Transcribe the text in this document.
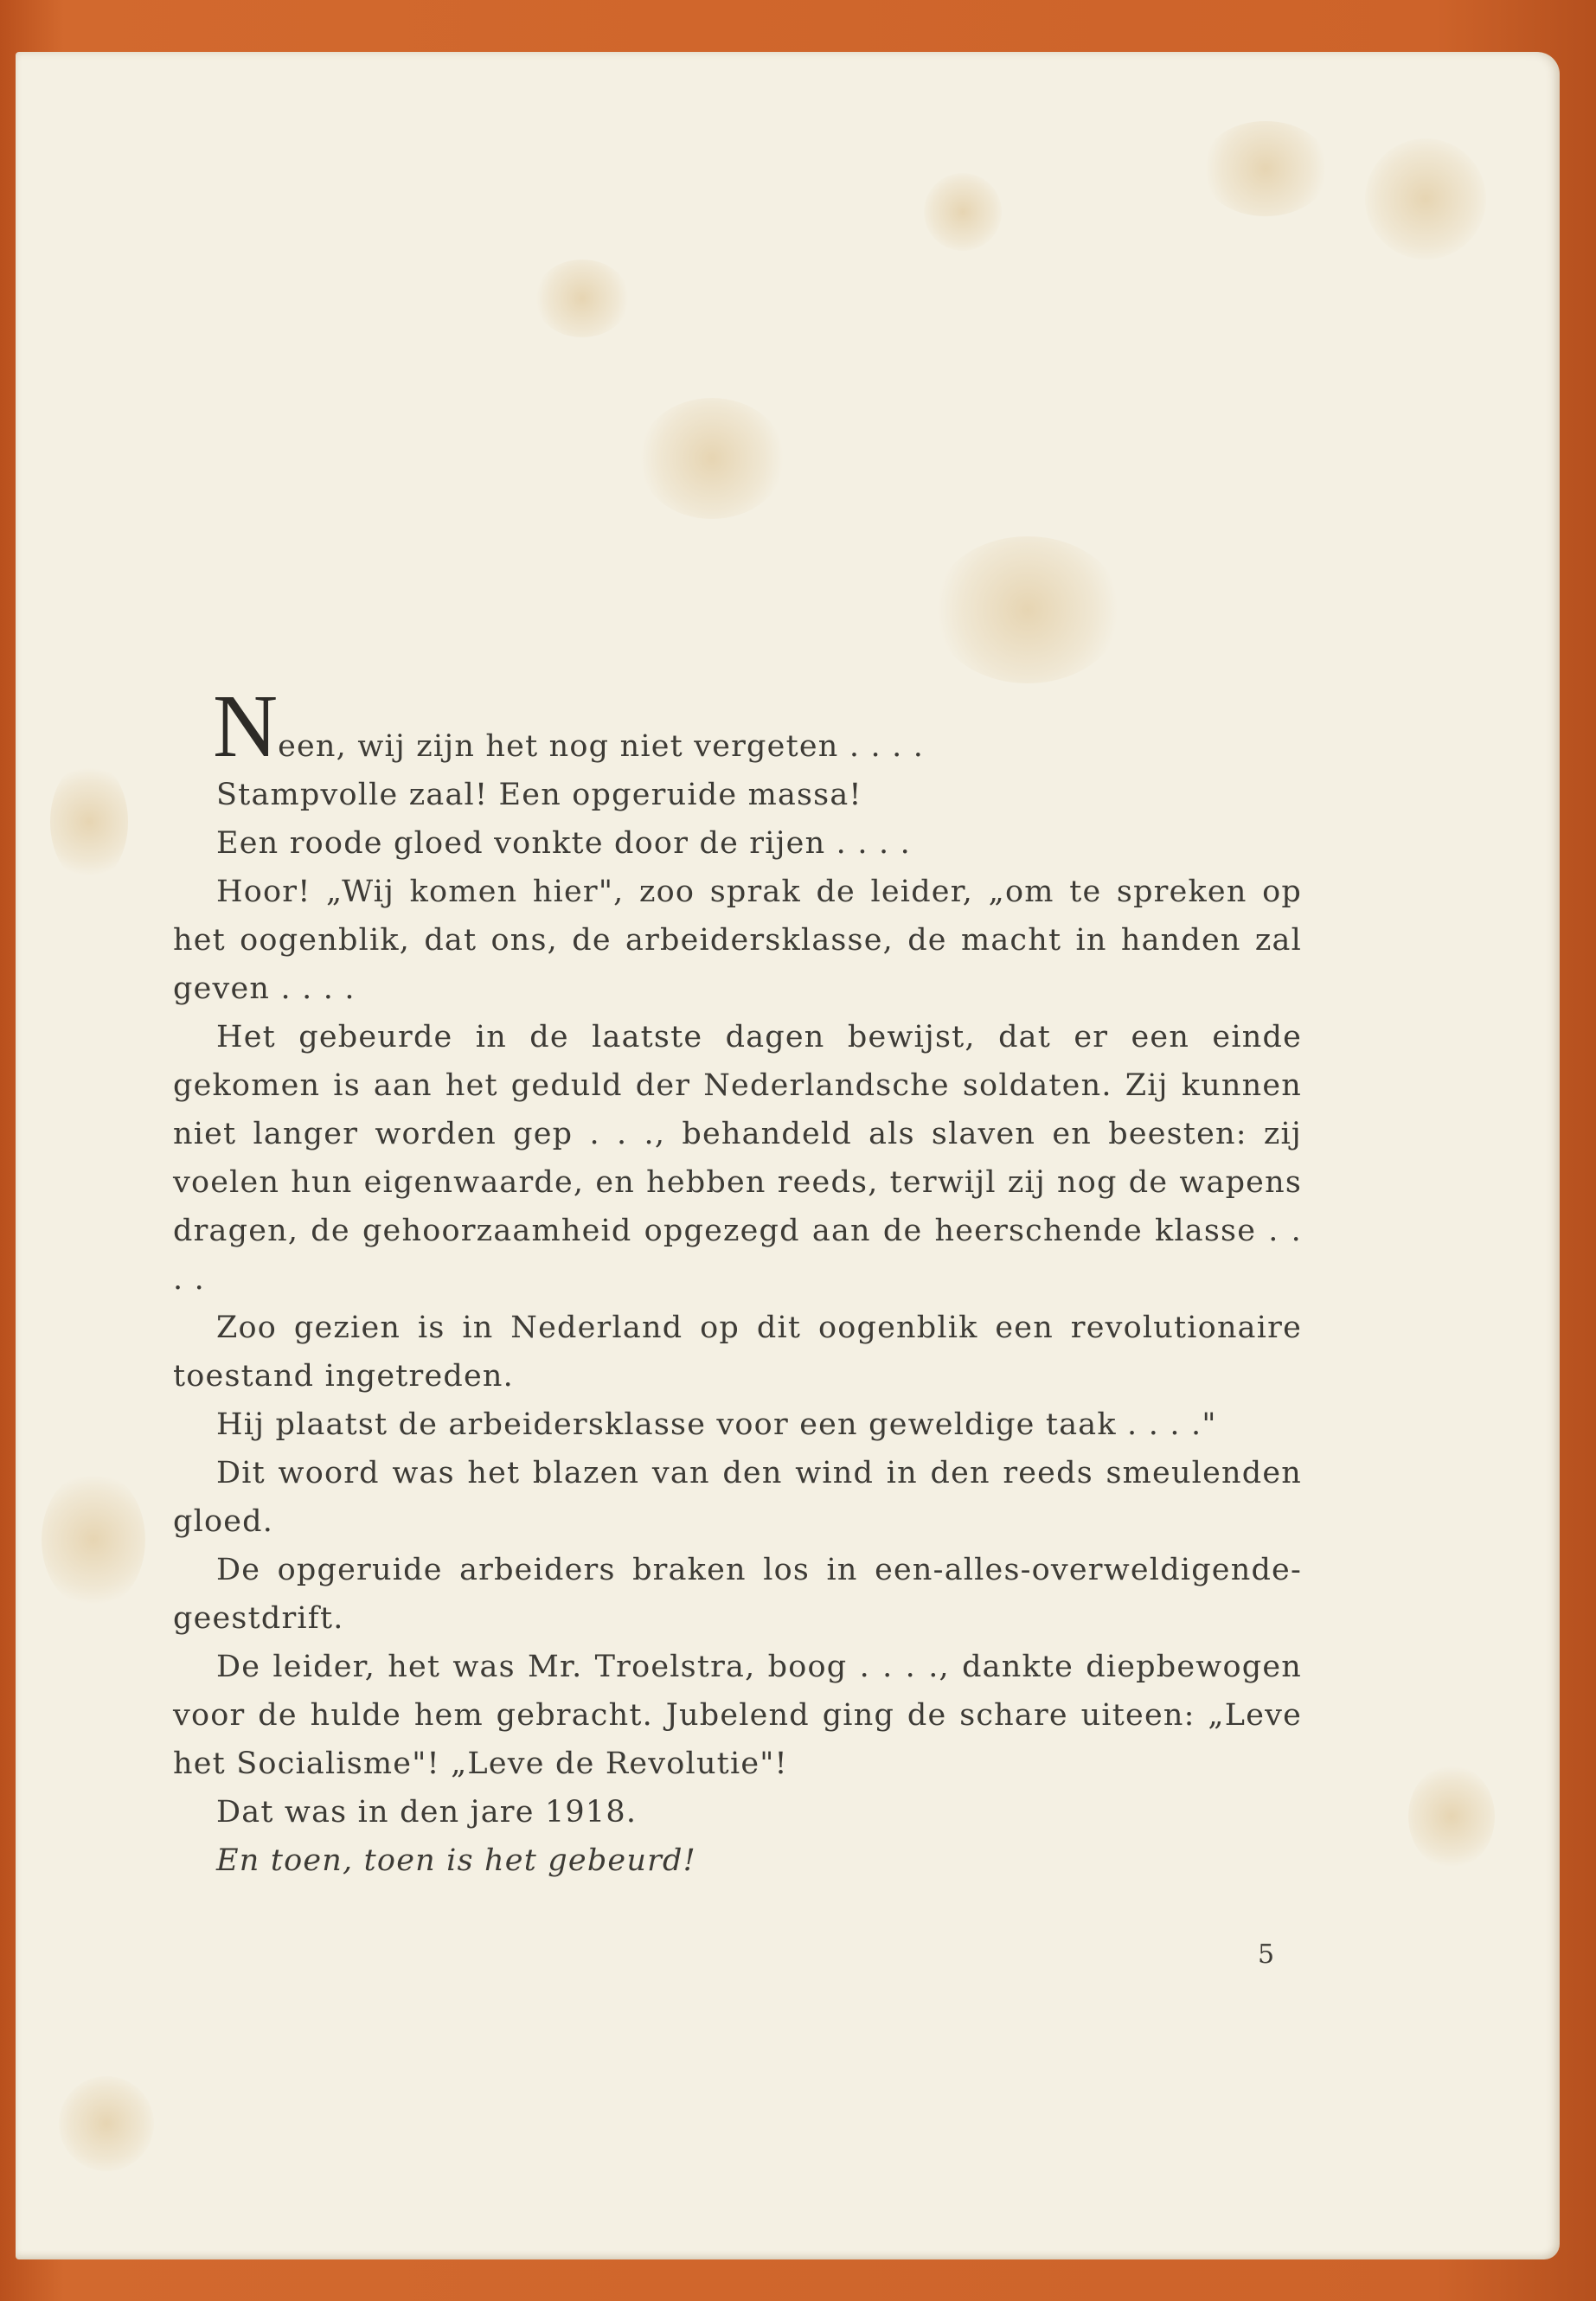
Neen, wij zijn het nog niet vergeten . . . .

Stampvolle zaal! Een opgeruide massa!

Een roode gloed vonkte door de rijen . . . .

Hoor! „Wij komen hier", zoo sprak de leider, „om te spreken op het oogenblik, dat ons, de arbeidersklasse, de macht in handen zal geven . . . .

Het gebeurde in de laatste dagen bewijst, dat er een einde gekomen is aan het geduld der Nederlandsche soldaten. Zij kunnen niet langer worden gep . . ., behandeld als slaven en beesten: zij voelen hun eigenwaarde, en hebben reeds, terwijl zij nog de wapens dragen, de gehoorzaamheid opgezegd aan de heerschende klasse . . . .

Zoo gezien is in Nederland op dit oogenblik een revolutionaire toestand ingetreden.

Hij plaatst de arbeidersklasse voor een geweldige taak . . . ."

Dit woord was het blazen van den wind in den reeds smeulenden gloed.

De opgeruide arbeiders braken los in een-alles-overweldigende-geestdrift.

De leider, het was Mr. Troelstra, boog . . . ., dankte diepbewogen voor de hulde hem gebracht. Jubelend ging de schare uiteen: „Leve het Socialisme"! „Leve de Revolutie"!

Dat was in den jare 1918.

En toen, toen is het gebeurd!

5
